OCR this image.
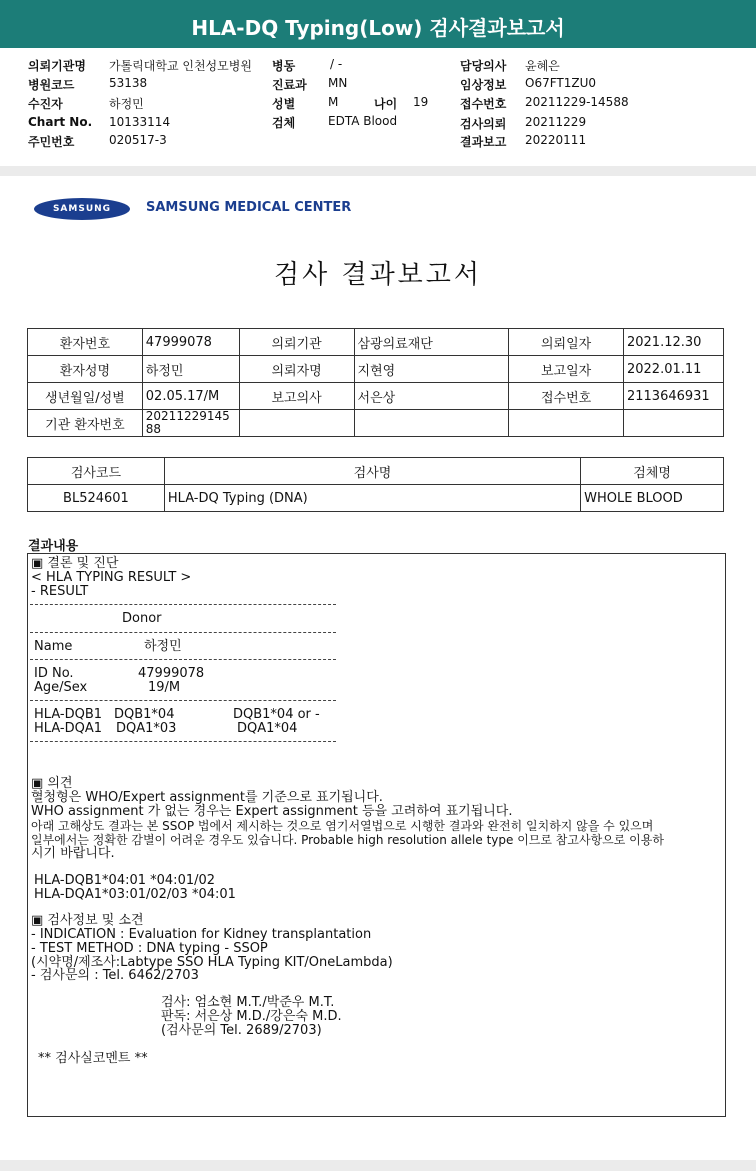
HLA-DQ Typing(Low) 검사결과보고서
의뢰기관명 가톨릭대학교 인천성모병원
병원코드	53138
수진자	하정민
Chart No. 10133114
주민번호	020517-3
병동	/ -
진료과 MN
성별	M	나이 19
검체	EDTA Blood
담당의사 윤혜은
임상정보 O67FT1ZU0
접수번호 20211229-14588
검사의뢰 20211229
결과보고 20220111
SAMSUNG	SAMSUNG MEDICAL CENTER
검사 결과보고서
환자번호	47999078	의뢰기관	삼광의료재단	의뢰일자	2021.12.30
환자성명	하정민	의뢰자명	지현영	보고일자	2022.01.11
생년월일/성별	02.05.17/M	보고의사	서은상	접수번호	2113646931
기관 환자번호	2021122914588				
검사코드	검사명	검체명
BL524601	HLA-DQ Typing (DNA)	WHOLE BLOOD
결과내용
▣ 결론 및 진단
< HLA TYPING RESULT >
- RESULT
Donor
Name	하정민
ID No.	47999078
Age/Sex	19/M
HLA-DQB1 DQB1*04	DQB1*04 or -
HLA-DQA1 DQA1*03	DQA1*04
▣ 의견
혈청형은 WHO/Expert assignment를 기준으로 표기됩니다.
WHO assignment 가 없는 경우는 Expert assignment 등을 고려하여 표기됩니다.
아래 고해상도 결과는 본 SSOP 법에서 제시하는 것으로 염기서열법으로 시행한 결과와 완전히 일치하지 않을 수 있으며
일부에서는 정확한 감별이 어려운 경우도 있습니다. Probable high resolution allele type 이므로 참고사항으로 이용하
시기 바랍니다.
HLA-DQB1*04:01 *04:01/02
HLA-DQA1*03:01/02/03 *04:01
▣ 검사정보 및 소견
- INDICATION : Evaluation for Kidney transplantation
- TEST METHOD : DNA typing - SSOP
(시약명/제조사:Labtype SSO HLA Typing KIT/OneLambda)
- 검사문의 : Tel. 6462/2703
검사: 엄소현 M.T./박준우 M.T.
판독: 서은상 M.D./강은숙 M.D.
(검사문의 Tel. 2689/2703)
** 검사실코멘트 **
